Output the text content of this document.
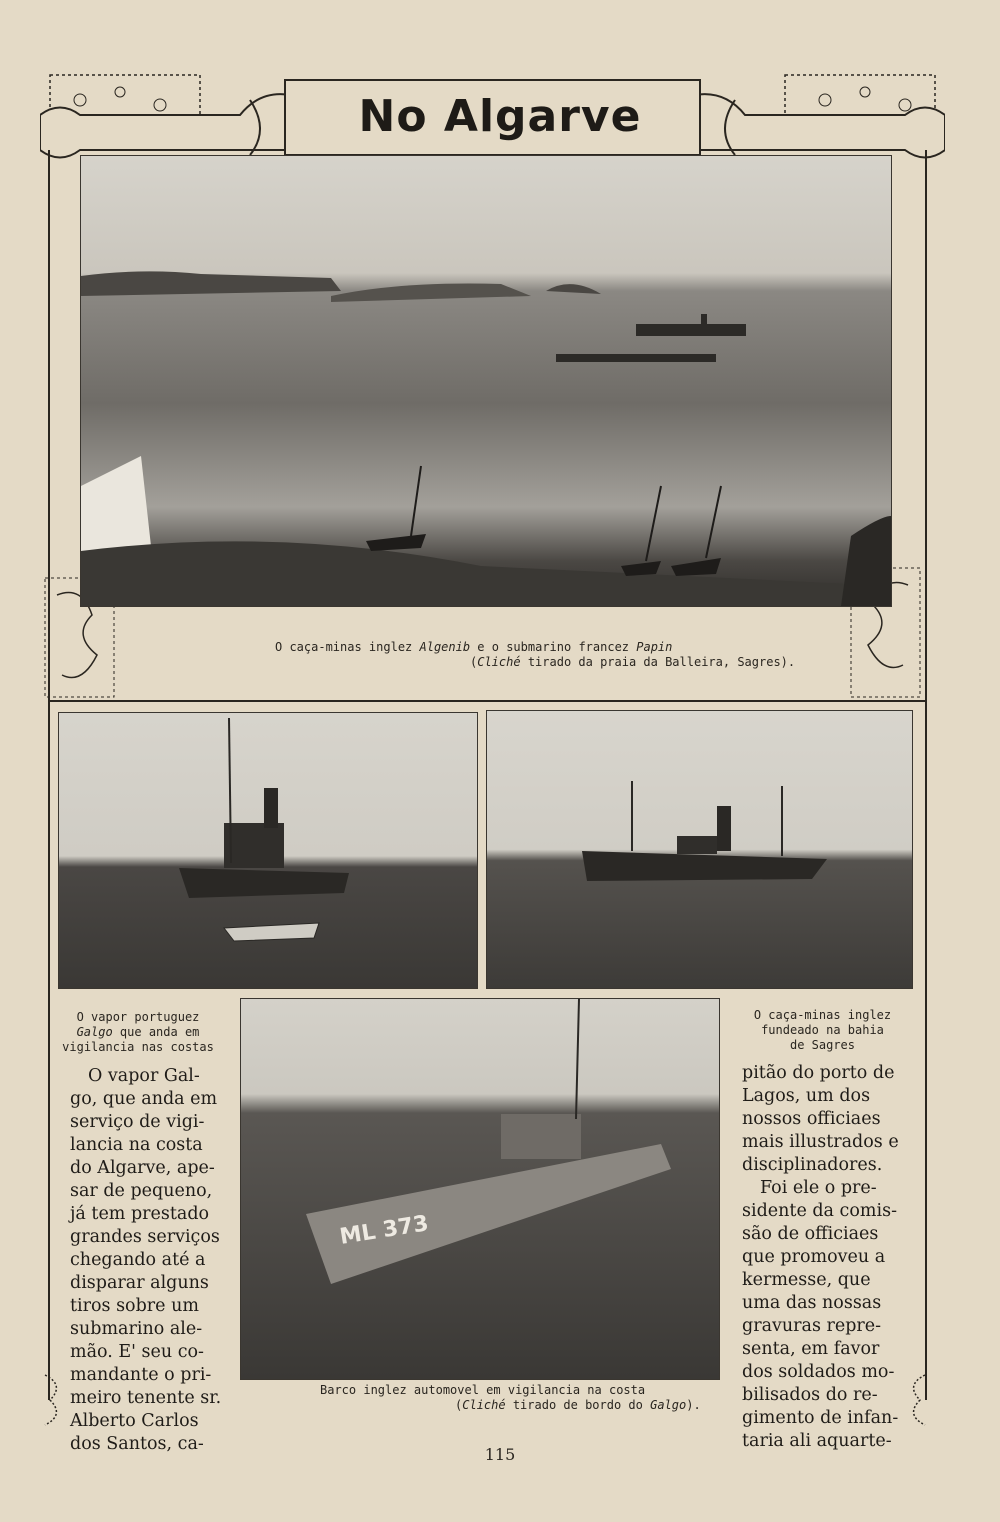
No Algarve
O caça-minas inglez Algenib e o submarino francez Papin
(Cliché tirado da praia da Balleira, Sagres).
O vapor portuguez
Galgo que anda em
vigilancia nas costas
O caça-minas inglez
fundeado na bahia
de Sagres
ML 373
Barco inglez automovel em vigilancia na costa
(Cliché tirado de bordo do Galgo).

O vapor Gal-

go, que anda em

serviço de vigi-

lancia na costa

do Algarve, ape-

sar de pequeno,

já tem prestado

grandes serviços

chegando até a

disparar alguns

tiros sobre um

submarino ale-

mão. E' seu co-

mandante o pri-

meiro tenente sr.

Alberto Carlos

dos Santos, ca-

pitão do porto de

Lagos, um dos

nossos officiaes

mais illustrados e

disciplinadores.

Foi ele o pre-

sidente da comis-

são de officiaes

que promoveu a

kermesse, que

uma das nossas

gravuras repre-

senta, em favor

dos soldados mo-

bilisados do re-

gimento de infan-

taria ali aquarte-

115
